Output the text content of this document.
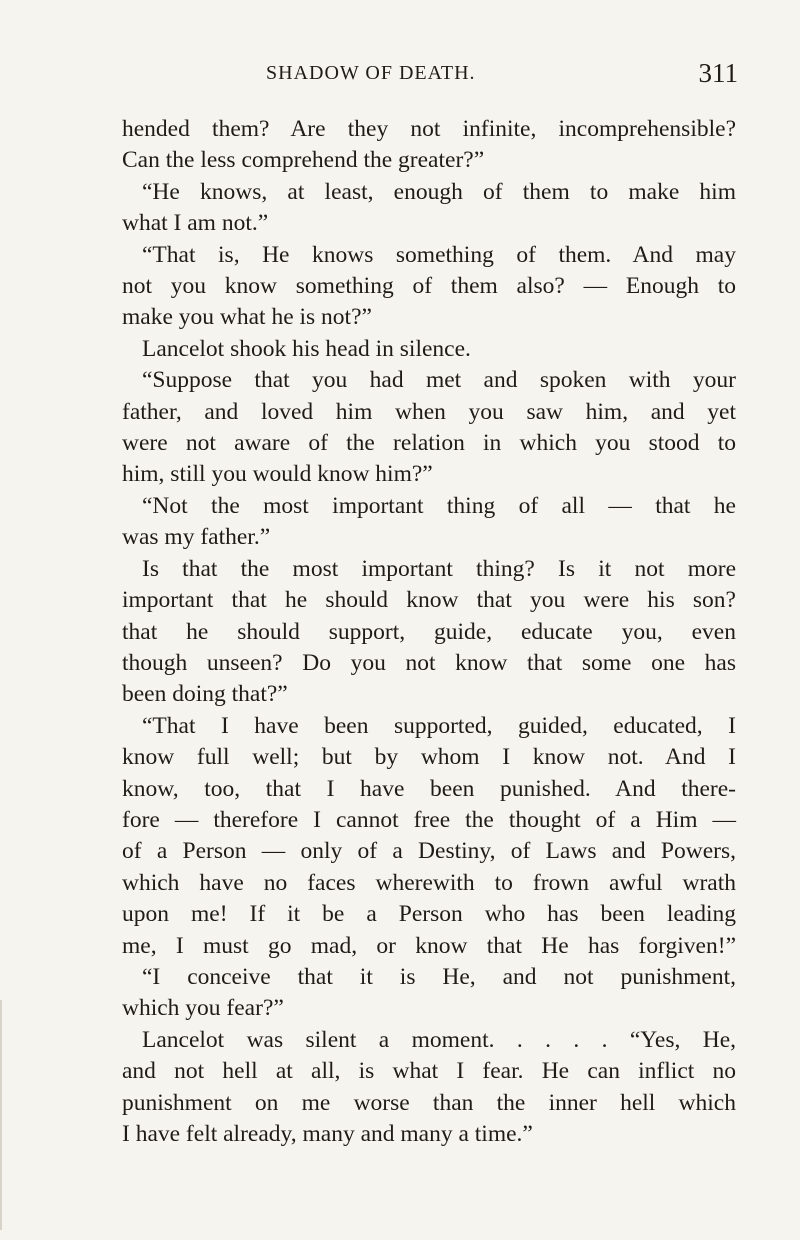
SHADOW OF DEATH.	311
hended them? Are they not infinite, incomprehensible?
Can the less comprehend the greater?”
“He knows, at least, enough of them to make him
what I am not.”
“That is, He knows something of them. And may
not you know something of them also? — Enough to
make you what he is not?”
Lancelot shook his head in silence.
“Suppose that you had met and spoken with your
father, and loved him when you saw him, and yet
were not aware of the relation in which you stood to
him, still you would know him?”
“Not the most important thing of all — that he
was my father.”
Is that the most important thing? Is it not more
important that he should know that you were his son?
that he should support, guide, educate you, even
though unseen? Do you not know that some one has
been doing that?”
“That I have been supported, guided, educated, I
know full well; but by whom I know not. And I
know, too, that I have been punished. And there-
fore — therefore I cannot free the thought of a Him —
of a Person — only of a Destiny, of Laws and Powers,
which have no faces wherewith to frown awful wrath
upon me! If it be a Person who has been leading
me, I must go mad, or know that He has forgiven!”
“I conceive that it is He, and not punishment,
which you fear?”
Lancelot was silent a moment. . . . . “Yes, He,
and not hell at all, is what I fear. He can inflict no
punishment on me worse than the inner hell which
I have felt already, many and many a time.”
